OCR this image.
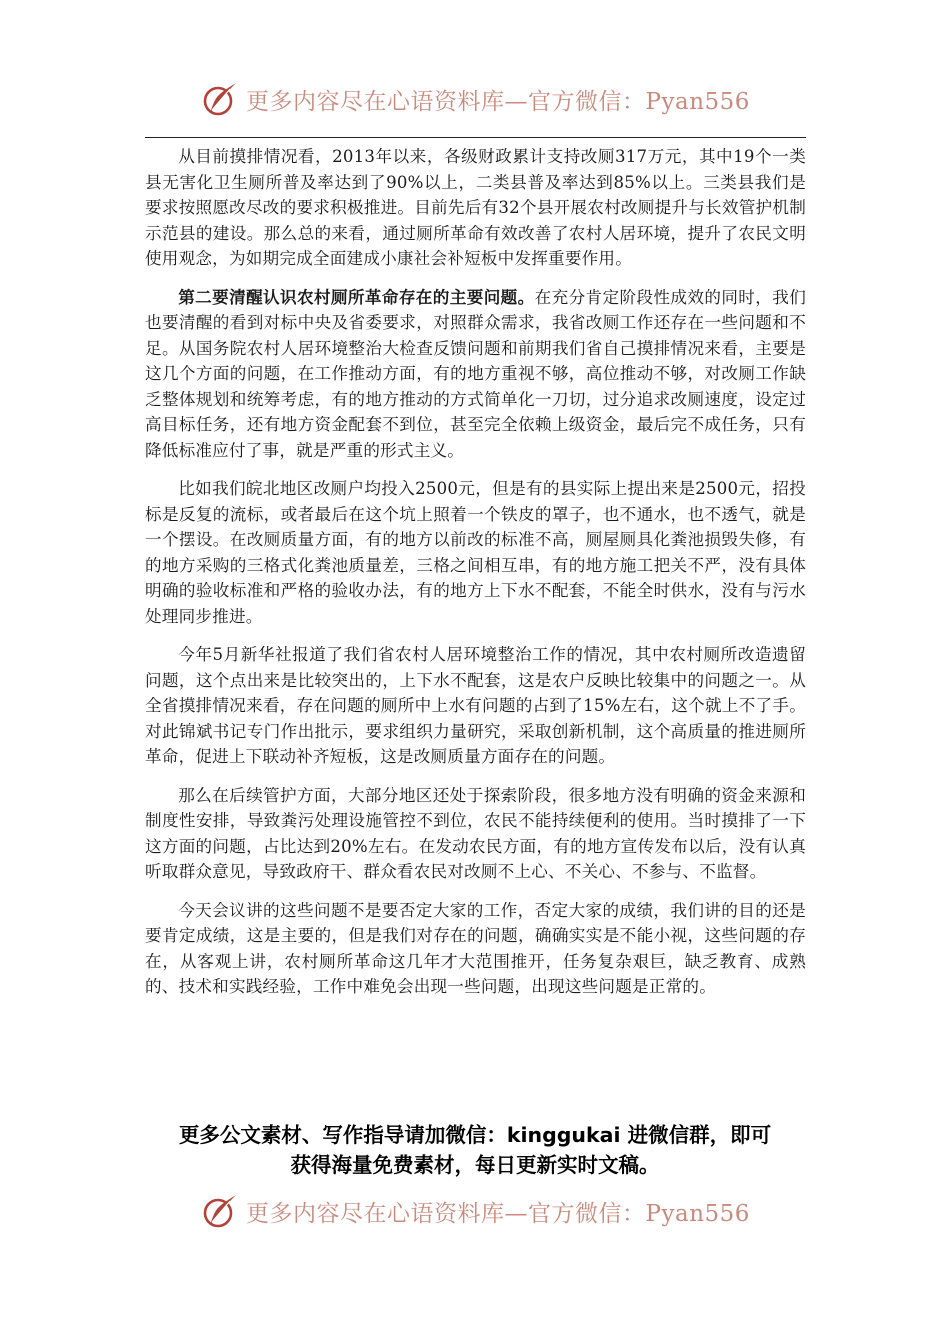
更多内容尽在心语资料库—官方微信：Pyan556

从目前摸排情况看，2013年以来，各级财政累计支持改厕317万元，其中19个一类县无害化卫生厕所普及率达到了90%以上，二类县普及率达到85%以上。三类县我们是要求按照愿改尽改的要求积极推进。目前先后有32个县开展农村改厕提升与长效管护机制示范县的建设。那么总的来看，通过厕所革命有效改善了农村人居环境，提升了农民文明使用观念，为如期完成全面建成小康社会补短板中发挥重要作用。

第二要清醒认识农村厕所革命存在的主要问题。在充分肯定阶段性成效的同时，我们也要清醒的看到对标中央及省委要求，对照群众需求，我省改厕工作还存在一些问题和不足。从国务院农村人居环境整治大检查反馈问题和前期我们省自己摸排情况来看，主要是这几个方面的问题，在工作推动方面，有的地方重视不够，高位推动不够，对改厕工作缺乏整体规划和统筹考虑，有的地方推动的方式简单化一刀切，过分追求改厕速度，设定过高目标任务，还有地方资金配套不到位，甚至完全依赖上级资金，最后完不成任务，只有降低标准应付了事，就是严重的形式主义。

比如我们皖北地区改厕户均投入2500元，但是有的县实际上提出来是2500元，招投标是反复的流标，或者最后在这个坑上照着一个铁皮的罩子，也不通水，也不透气，就是一个摆设。在改厕质量方面，有的地方以前改的标准不高，厕屋厕具化粪池损毁失修，有的地方采购的三格式化粪池质量差，三格之间相互串，有的地方施工把关不严，没有具体明确的验收标准和严格的验收办法，有的地方上下水不配套，不能全时供水，没有与污水处理同步推进。

今年5月新华社报道了我们省农村人居环境整治工作的情况，其中农村厕所改造遗留问题，这个点出来是比较突出的，上下水不配套，这是农户反映比较集中的问题之一。从全省摸排情况来看，存在问题的厕所中上水有问题的占到了15%左右，这个就上不了手。对此锦斌书记专门作出批示，要求组织力量研究，采取创新机制，这个高质量的推进厕所革命，促进上下联动补齐短板，这是改厕质量方面存在的问题。

那么在后续管护方面，大部分地区还处于探索阶段，很多地方没有明确的资金来源和制度性安排，导致粪污处理设施管控不到位，农民不能持续便利的使用。当时摸排了一下这方面的问题，占比达到20%左右。在发动农民方面，有的地方宣传发布以后，没有认真听取群众意见，导致政府干、群众看农民对改厕不上心、不关心、不参与、不监督。

今天会议讲的这些问题不是要否定大家的工作，否定大家的成绩，我们讲的目的还是要肯定成绩，这是主要的，但是我们对存在的问题，确确实实是不能小视，这些问题的存在，从客观上讲，农村厕所革命这几年才大范围推开，任务复杂艰巨，缺乏教育、成熟的、技术和实践经验，工作中难免会出现一些问题，出现这些问题是正常的。

更多公文素材、写作指导请加微信：kinggukai 进微信群，即可
获得海量免费素材，每日更新实时文稿。
更多内容尽在心语资料库—官方微信：Pyan556
